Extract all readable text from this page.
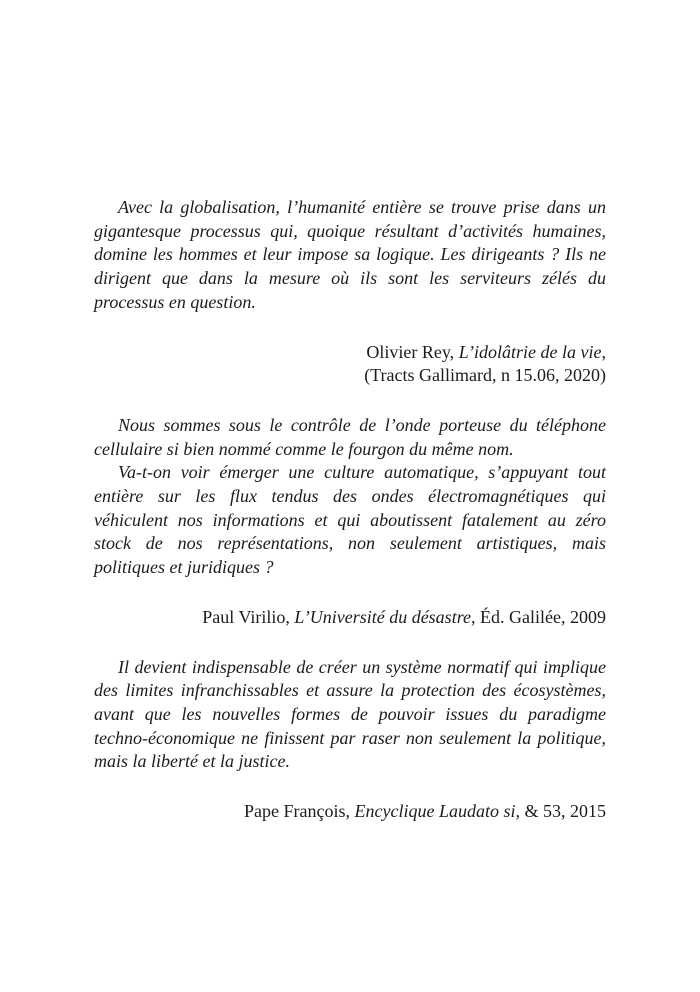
Avec la globalisation, l’humanité entière se trouve prise dans un
gigantesque processus qui, quoique résultant d’activités humaines,
domine les hommes et leur impose sa logique. Les dirigeants ? Ils ne
dirigent que dans la mesure où ils sont les serviteurs zélés du
processus en question.
Olivier Rey, L’idolâtrie de la vie,
(Tracts Gallimard, n 15.06, 2020)
Nous sommes sous le contrôle de l’onde porteuse du téléphone
cellulaire si bien nommé comme le fourgon du même nom.
Va-t-on voir émerger une culture automatique, s’appuyant tout
entière sur les flux tendus des ondes électromagnétiques qui
véhiculent nos informations et qui aboutissent fatalement au zéro
stock de nos représentations, non seulement artistiques, mais
politiques et juridiques ?
Paul Virilio, L’Université du désastre, Éd. Galilée, 2009
Il devient indispensable de créer un système normatif qui implique
des limites infranchissables et assure la protection des écosystèmes,
avant que les nouvelles formes de pouvoir issues du paradigme
techno-économique ne finissent par raser non seulement la politique,
mais la liberté et la justice.
Pape François, Encyclique Laudato si, & 53, 2015
